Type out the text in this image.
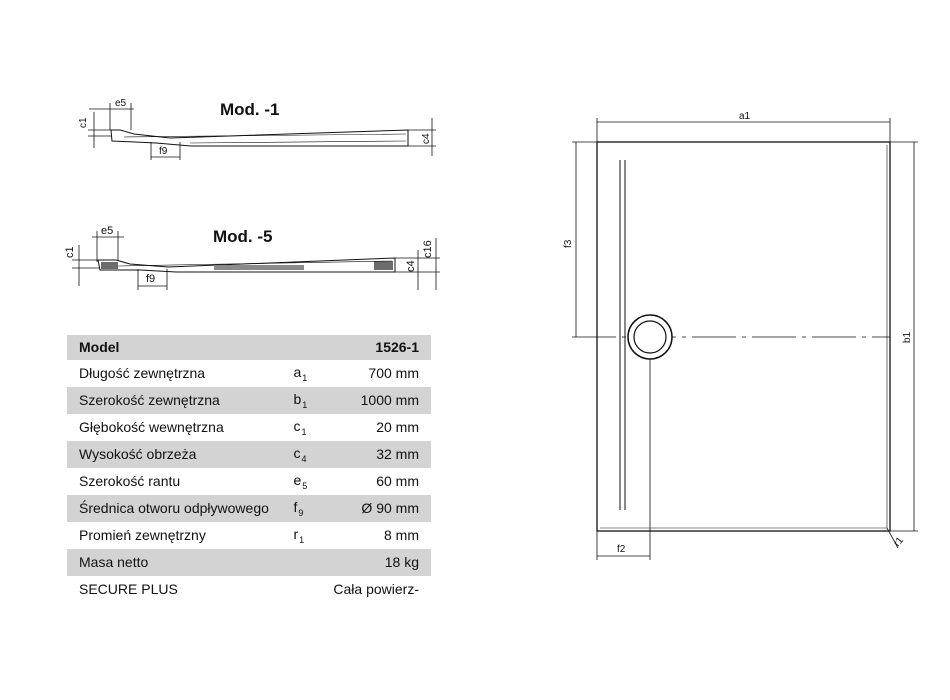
Mod. -1
e5
c1
f9
c4
Mod. -5
e5
c1
f9
c4
c16
Model		1526-1
Długość zewnętrzna	$a_1$	700 mm
Szerokość zewnętrzna	$b_1$	1000 mm
Głębokość wewnętrzna	$c_1$	20 mm
Wysokość obrzeża	$c_4$	32 mm
Szerokość rantu	$e_5$	60 mm
Średnica otworu odpływowego	$f_9$	Ø 90 mm
Promień zewnętrzny	$r_1$	8 mm
Masa netto		18 kg
SECURE PLUS		Cała powierz-
a1
f3
b1
f2
r1
